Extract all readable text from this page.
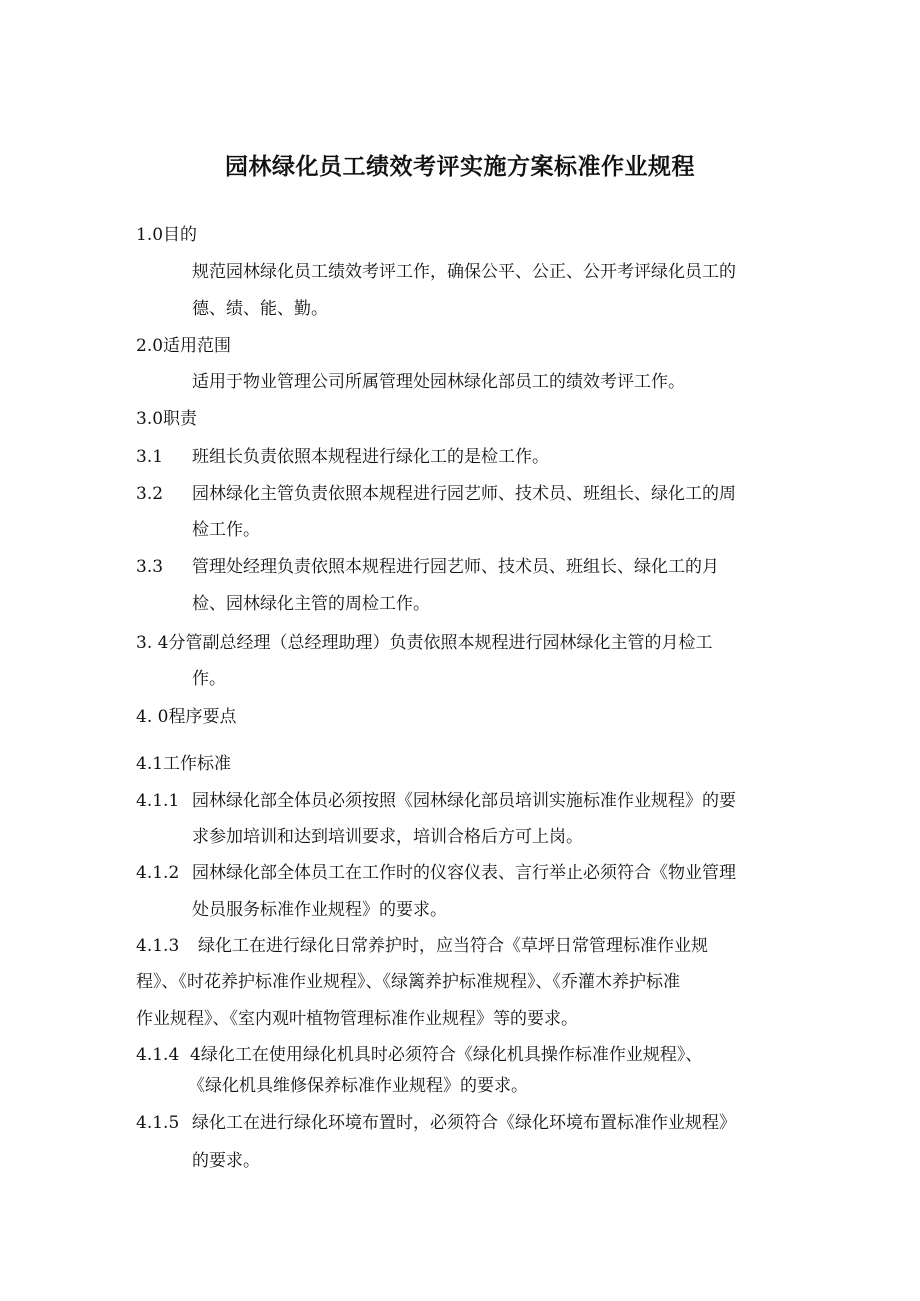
园林绿化员工绩效考评实施方案标准作业规程
1.0目的
规范园林绿化员工绩效考评工作，确保公平、公正、公开考评绿化员工的
德、绩、能、勤。
2.0适用范围
适用于物业管理公司所属管理处园林绿化部员工的绩效考评工作。
3.0职责
3.1 班组长负责依照本规程进行绿化工的是检工作。
3.2 园林绿化主管负责依照本规程进行园艺师、技术员、班组长、绿化工的周
检工作。
3.3 管理处经理负责依照本规程进行园艺师、技术员、班组长、绿化工的月
检、园林绿化主管的周检工作。
3. 4分管副总经理（总经理助理）负责依照本规程进行园林绿化主管的月检工
作。
4. 0程序要点
4.1工作标准
4.1.1 园林绿化部全体员必须按照《园林绿化部员培训实施标准作业规程》的要
求参加培训和达到培训要求，培训合格后方可上岗。
4.1.2 园林绿化部全体员工在工作时的仪容仪表、言行举止必须符合《物业管理
处员服务标准作业规程》的要求。
4.1.3 绿化工在进行绿化日常养护时，应当符合《草坪日常管理标准作业规
程》、《时花养护标准作业规程》、《绿篱养护标准规程》、《乔灌木养护标准
作业规程》、《室内观叶植物管理标准作业规程》等的要求。
4.1.4 4绿化工在使用绿化机具时必须符合《绿化机具操作标准作业规程》、
《绿化机具维修保养标准作业规程》的要求。
4.1.5 绿化工在进行绿化环境布置时，必须符合《绿化环境布置标准作业规程》
的要求。
